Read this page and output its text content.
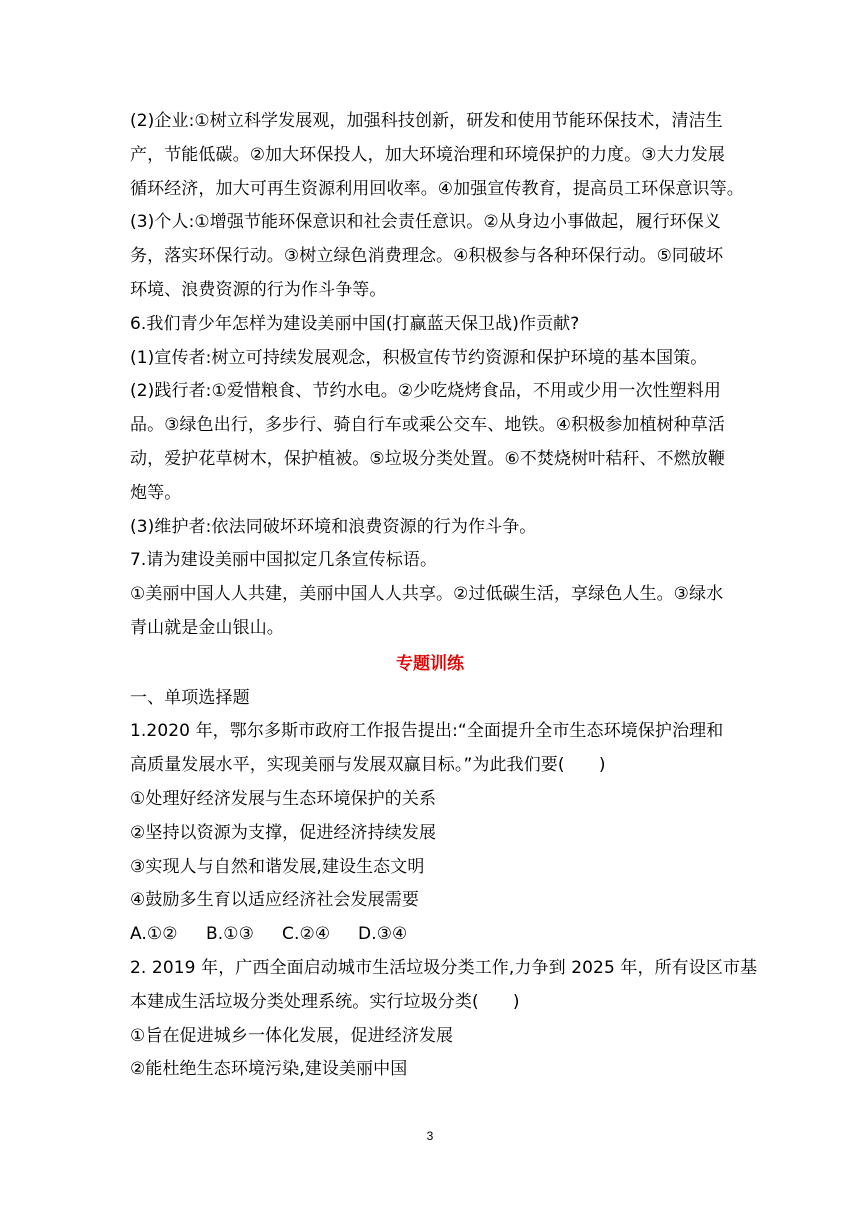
(2)企业:①树立科学发展观，加强科技创新，研发和使用节能环保技术，清洁生
产，节能低碳。②加大环保投人，加大环境治理和环境保护的力度。③大力发展
循环经济，加大可再生资源利用回收率。④加强宣传教育，提高员工环保意识等。
(3)个人:①增强节能环保意识和社会责任意识。②从身边小事做起，履行环保义
务，落实环保行动。③树立绿色消费理念。④积极参与各种环保行动。⑤同破坏
环境、浪费资源的行为作斗争等。
6.我们青少年怎样为建设美丽中国(打赢蓝天保卫战)作贡献?
(1)宣传者:树立可持续发展观念，积极宣传节约资源和保护环境的基本国策。
(2)践行者:①爱惜粮食、节约水电。②少吃烧烤食品，不用或少用一次性塑料用
品。③绿色出行，多步行、骑自行车或乘公交车、地铁。④积极参加植树种草活
动，爱护花草树木，保护植被。⑤垃圾分类处置。⑥不焚烧树叶秸秆、不燃放鞭
炮等。
(3)维护者:依法同破坏环境和浪费资源的行为作斗争。
7.请为建设美丽中国拟定几条宣传标语。
①美丽中国人人共建，美丽中国人人共享。②过低碳生活，享绿色人生。③绿水
青山就是金山银山。
专题训练
一、单项选择题
1.2020 年，鄂尔多斯市政府工作报告提出:“全面提升全市生态环境保护治理和
高质量发展水平，实现美丽与发展双赢目标。”为此我们要(　　)
①处理好经济发展与生态环境保护的关系
②坚持以资源为支撑，促进经济持续发展
③实现人与自然和谐发展,建设生态文明
④鼓励多生育以适应经济社会发展需要
A.①② B.①③ C.②④ D.③④
2. 2019 年，广西全面启动城市生活垃圾分类工作,力争到 2025 年，所有设区市基
本建成生活垃圾分类处理系统。实行垃圾分类(　　)
①旨在促进城乡一体化发展，促进经济发展
②能杜绝生态环境污染,建设美丽中国
3
